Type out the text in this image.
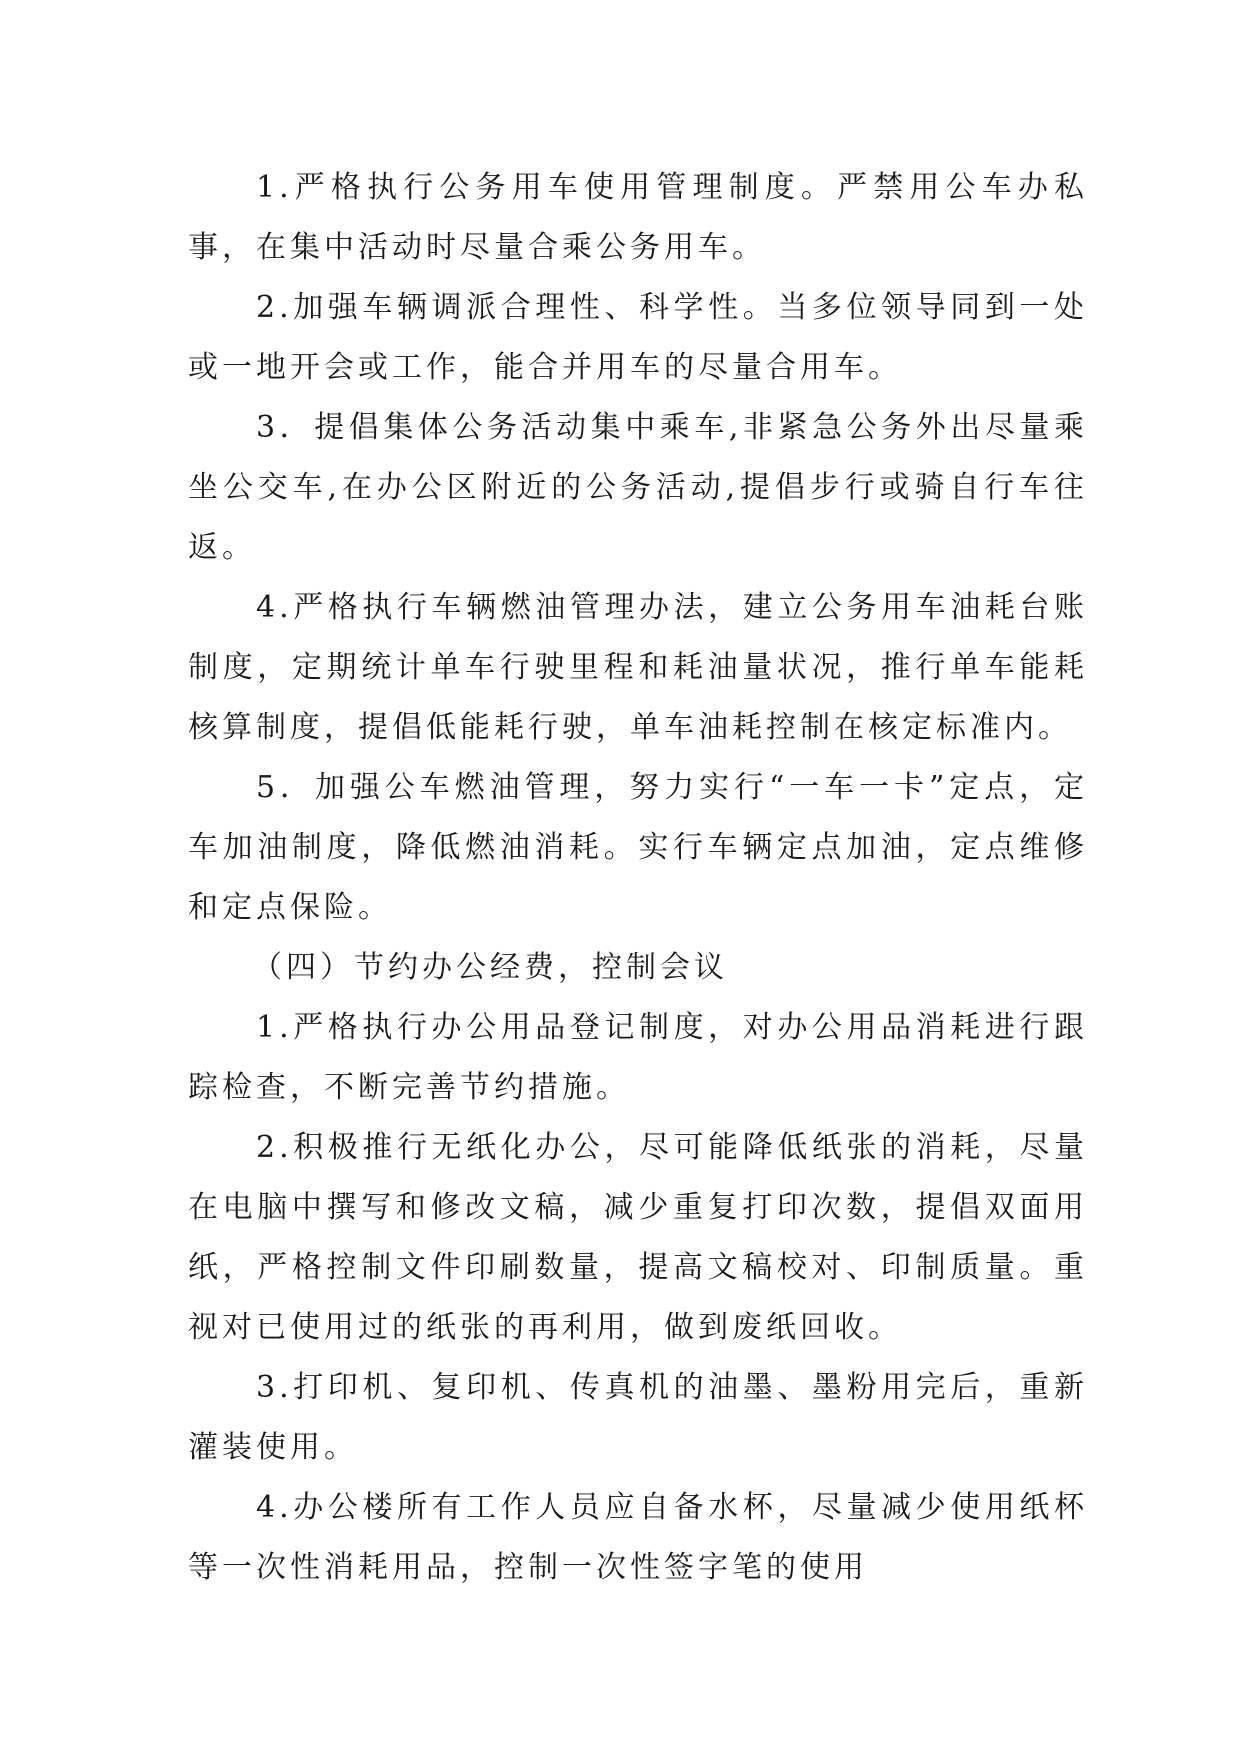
1.严格执行公务用车使用管理制度。严禁用公车办私事，在集中活动时尽量合乘公务用车。

2.加强车辆调派合理性、科学性。当多位领导同到一处或一地开会或工作，能合并用车的尽量合用车。

3．提倡集体公务活动集中乘车,非紧急公务外出尽量乘坐公交车,在办公区附近的公务活动,提倡步行或骑自行车往返。

4.严格执行车辆燃油管理办法，建立公务用车油耗台账制度，定期统计单车行驶里程和耗油量状况，推行单车能耗核算制度，提倡低能耗行驶，单车油耗控制在核定标准内。

5．加强公车燃油管理，努力实行“一车一卡”定点，定车加油制度，降低燃油消耗。实行车辆定点加油，定点维修和定点保险。

（四）节约办公经费，控制会议

1.严格执行办公用品登记制度，对办公用品消耗进行跟踪检查，不断完善节约措施。

2.积极推行无纸化办公，尽可能降低纸张的消耗，尽量在电脑中撰写和修改文稿，减少重复打印次数，提倡双面用纸，严格控制文件印刷数量，提高文稿校对、印制质量。重视对已使用过的纸张的再利用，做到废纸回收。

3.打印机、复印机、传真机的油墨、墨粉用完后，重新灌装使用。

4.办公楼所有工作人员应自备水杯，尽量减少使用纸杯等一次性消耗用品，控制一次性签字笔的使用
